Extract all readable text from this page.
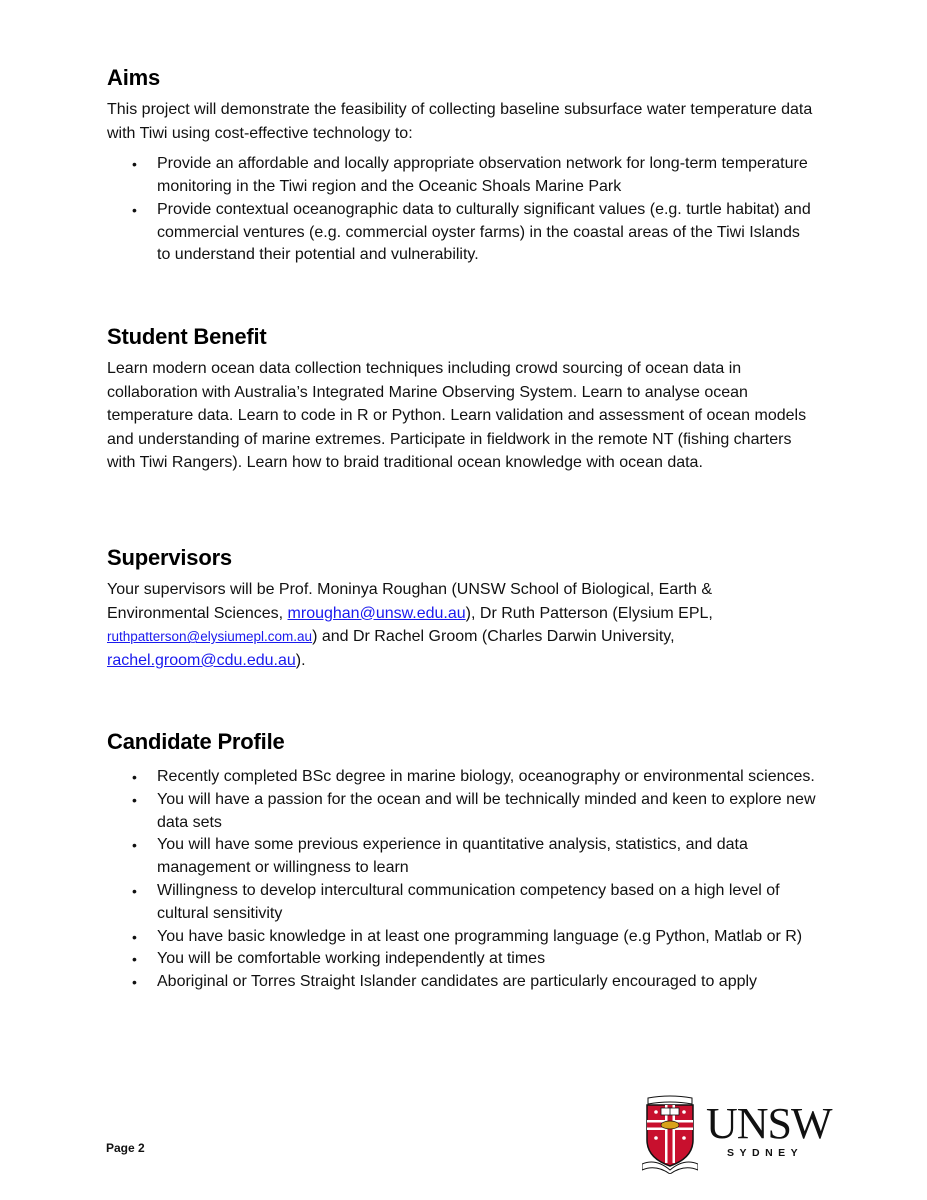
Aims

This project will demonstrate the feasibility of collecting baseline subsurface water temperature data with Tiwi using cost-effective technology to:

• Provide an affordable and locally appropriate observation network for long-term temperature monitoring in the Tiwi region and the Oceanic Shoals Marine Park
• Provide contextual oceanographic data to culturally significant values (e.g. turtle habitat) and commercial ventures (e.g. commercial oyster farms) in the coastal areas of the Tiwi Islands to understand their potential and vulnerability.
Student Benefit

Learn modern ocean data collection techniques including crowd sourcing of ocean data in collaboration with Australia’s Integrated Marine Observing System. Learn to analyse ocean temperature data. Learn to code in R or Python. Learn validation and assessment of ocean models and understanding of marine extremes. Participate in fieldwork in the remote NT (fishing charters with Tiwi Rangers). Learn how to braid traditional ocean knowledge with ocean data.

Supervisors

Your supervisors will be Prof. Moninya Roughan (UNSW School of Biological, Earth & Environmental Sciences, mroughan@unsw.edu.au), Dr Ruth Patterson (Elysium EPL, ruthpatterson@elysiumepl.com.au) and Dr Rachel Groom (Charles Darwin University, rachel.groom@cdu.edu.au).

Candidate Profile
• Recently completed BSc degree in marine biology, oceanography or environmental sciences.
• You will have a passion for the ocean and will be technically minded and keen to explore new data sets
• You will have some previous experience in quantitative analysis, statistics, and data management or willingness to learn
• Willingness to develop intercultural communication competency based on a high level of cultural sensitivity
• You have basic knowledge in at least one programming language (e.g Python, Matlab or R)
• You will be comfortable working independently at times
• Aboriginal or Torres Straight Islander candidates are particularly encouraged to apply
Page 2	UNSW
SYDNEY
